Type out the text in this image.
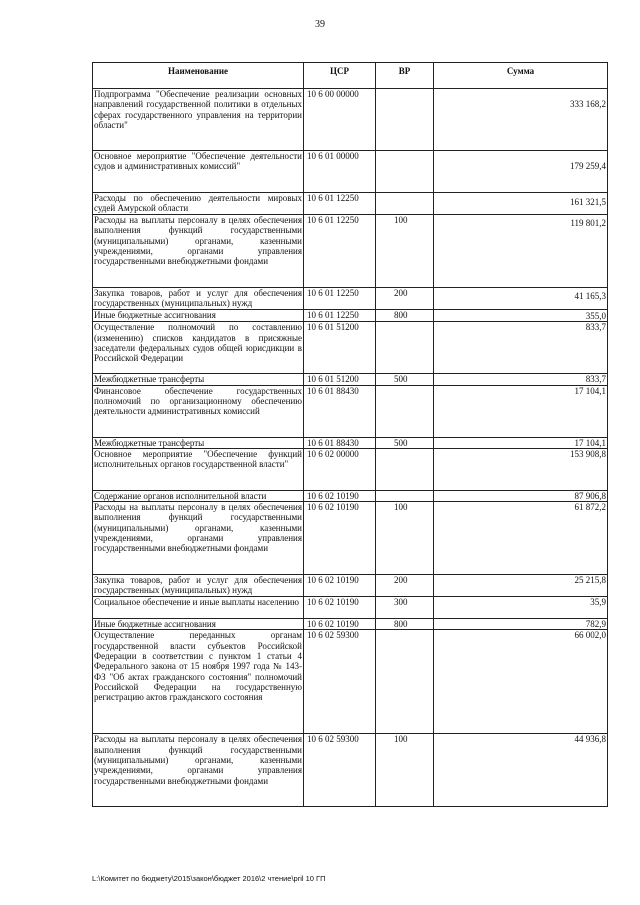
39
Наименование	ЦСР	ВР	Сумма
Подпрограмма "Обеспечение реализации основных направлений государственной политики в отдельных сферах государственного управления на территории области"	10 6 00 00000		333 168,2
Основное мероприятие "Обеспечение деятельности судов и административных комиссий"	10 6 01 00000		179 259,4
Расходы по обеспечению деятельности мировых судей Амурской области	10 6 01 12250		161 321,5
Расходы на выплаты персоналу в целях обеспечения выполнения функций государственными (муниципальными) органами, казенными учреждениями, органами управления государственными внебюджетными фондами	10 6 01 12250	100	119 801,2
Закупка товаров, работ и услуг для обеспечения государственных (муниципальных) нужд	10 6 01 12250	200	41 165,3
Иные бюджетные ассигнования	10 6 01 12250	800	355,0
Осуществление полномочий по составлению (изменению) списков кандидатов в присяжные заседатели федеральных судов общей юрисдикции в Российской Федерации	10 6 01 51200		833,7
Межбюджетные трансферты	10 6 01 51200	500	833,7
Финансовое обеспечение государственных полномочий по организационному обеспечению деятельности административных комиссий	10 6 01 88430		17 104,1
Межбюджетные трансферты	10 6 01 88430	500	17 104,1
Основное мероприятие "Обеспечение функций исполнительных органов государственной власти"	10 6 02 00000		153 908,8
Содержание органов исполнительной власти	10 6 02 10190		87 906,8
Расходы на выплаты персоналу в целях обеспечения выполнения функций государственными (муниципальными) органами, казенными учреждениями, органами управления государственными внебюджетными фондами	10 6 02 10190	100	61 872,2
Закупка товаров, работ и услуг для обеспечения государственных (муниципальных) нужд	10 6 02 10190	200	25 215,8
Социальное обеспечение и иные выплаты населению	10 6 02 10190	300	35,9
Иные бюджетные ассигнования	10 6 02 10190	800	782,9
Осуществление переданных органам государственной власти субъектов Российской Федерации в соответствии с пунктом 1 статьи 4 Федерального закона от 15 ноября 1997 года № 143-ФЗ "Об актах гражданского состояния" полномочий Российской Федерации на государственную регистрацию актов гражданского состояния	10 6 02 59300		66 002,0
Расходы на выплаты персоналу в целях обеспечения выполнения функций государственными (муниципальными) органами, казенными учреждениями, органами управления государственными внебюджетными фондами	10 6 02 59300	100	44 936,8
L:\Комитет по бюджету\2015\закон\бюджет 2016\2 чтение\pril 10 ГП
